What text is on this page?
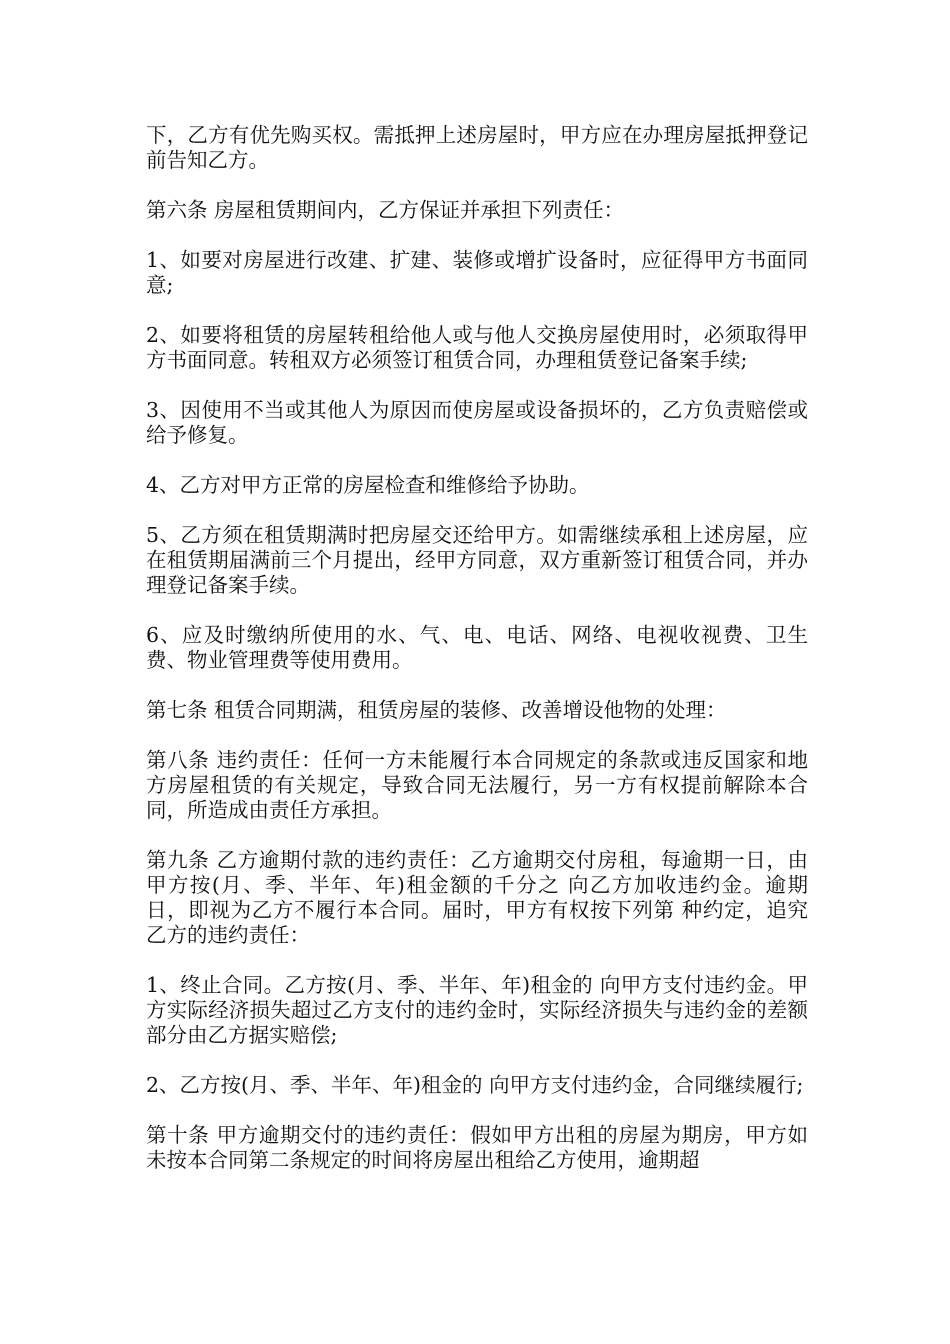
下，乙方有优先购买权。需抵押上述房屋时，甲方应在办理房屋抵押登记前告知乙方。

第六条 房屋租赁期间内，乙方保证并承担下列责任：

1、如要对房屋进行改建、扩建、装修或增扩设备时，应征得甲方书面同意;

2、如要将租赁的房屋转租给他人或与他人交换房屋使用时，必须取得甲方书面同意。转租双方必须签订租赁合同，办理租赁登记备案手续;

3、因使用不当或其他人为原因而使房屋或设备损坏的，乙方负责赔偿或给予修复。

4、乙方对甲方正常的房屋检查和维修给予协助。

5、乙方须在租赁期满时把房屋交还给甲方。如需继续承租上述房屋，应在租赁期届满前三个月提出，经甲方同意，双方重新签订租赁合同，并办理登记备案手续。

6、应及时缴纳所使用的水、气、电、电话、网络、电视收视费、卫生费、物业管理费等使用费用。

第七条 租赁合同期满，租赁房屋的装修、改善增设他物的处理：

第八条 违约责任：任何一方未能履行本合同规定的条款或违反国家和地方房屋租赁的有关规定，导致合同无法履行，另一方有权提前解除本合同，所造成由责任方承担。

第九条 乙方逾期付款的违约责任：乙方逾期交付房租，每逾期一日，由甲方按(月、季、半年、年)租金额的千分之 向乙方加收违约金。逾期 日，即视为乙方不履行本合同。届时，甲方有权按下列第 种约定，追究乙方的违约责任：

1、终止合同。乙方按(月、季、半年、年)租金的 向甲方支付违约金。甲方实际经济损失超过乙方支付的违约金时，实际经济损失与违约金的差额部分由乙方据实赔偿;

2、乙方按(月、季、半年、年)租金的 向甲方支付违约金，合同继续履行;

第十条 甲方逾期交付的违约责任：假如甲方出租的房屋为期房，甲方如未按本合同第二条规定的时间将房屋出租给乙方使用，逾期超
